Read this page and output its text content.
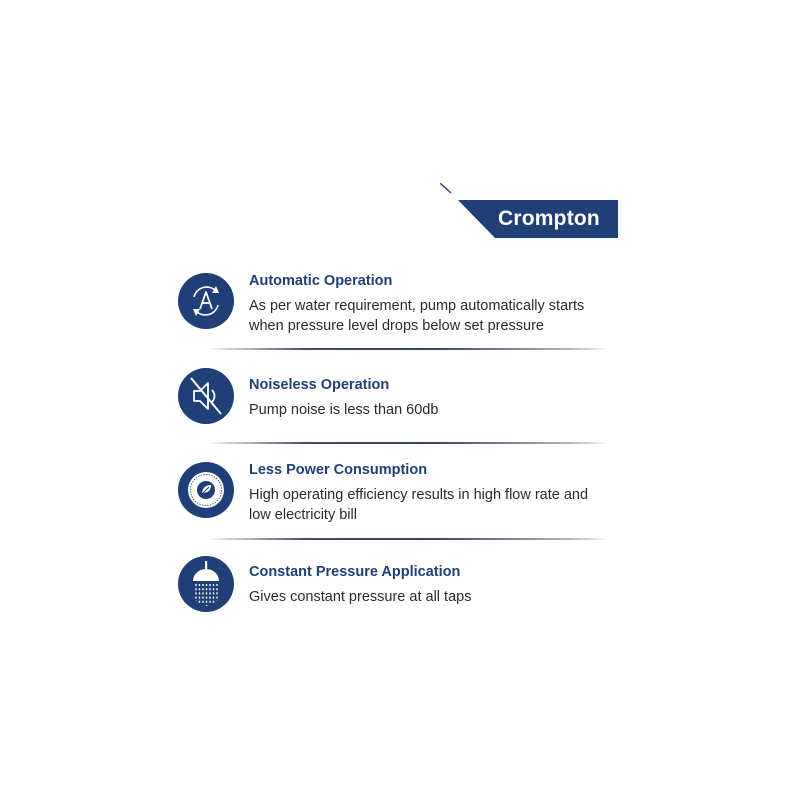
Crompton

Automatic Operation

As per water requirement, pump automatically starts when pressure level drops below set pressure

Noiseless Operation

Pump noise is less than 60db

Less Power Consumption

High operating efficiency results in high flow rate and low electricity bill

Constant Pressure Application

Gives constant pressure at all taps
